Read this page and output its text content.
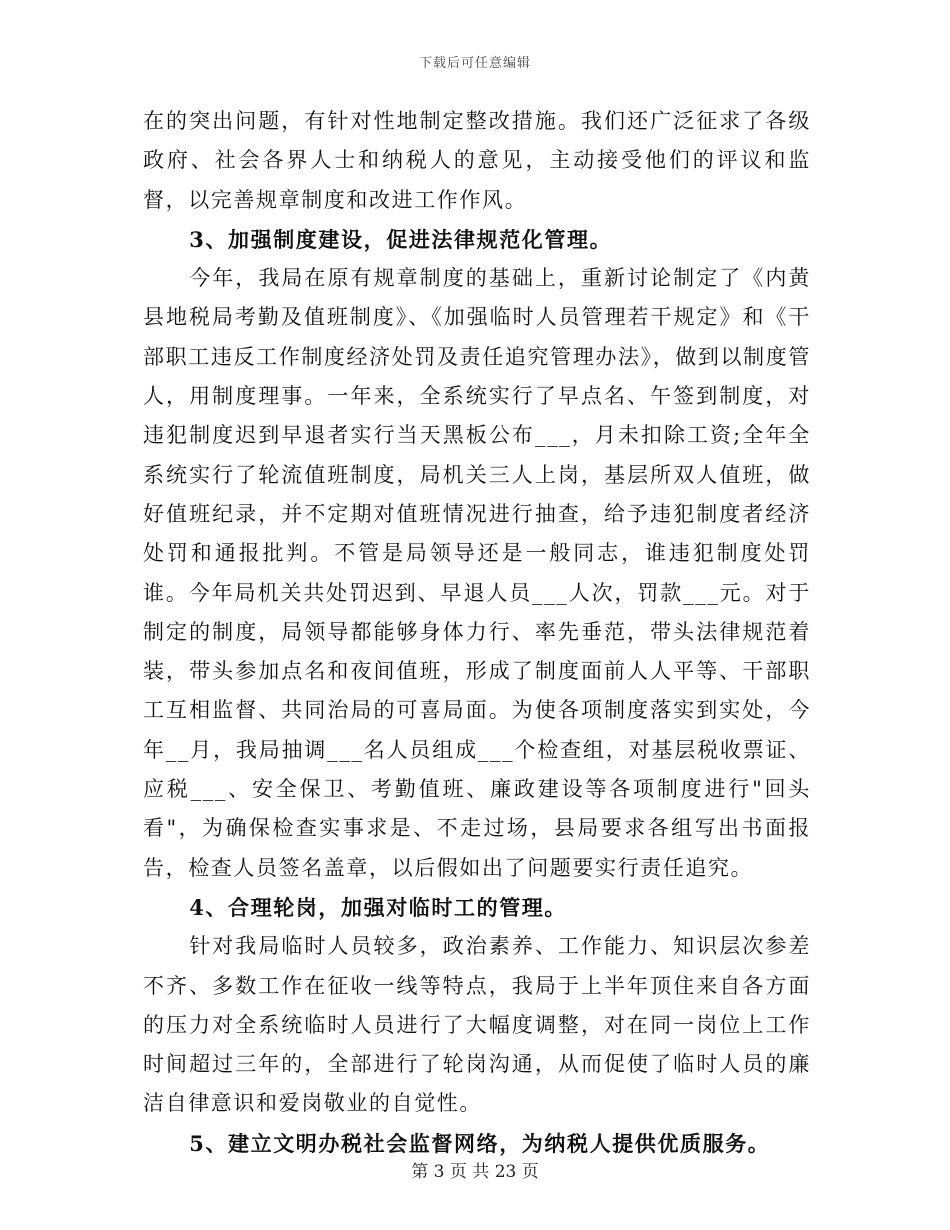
下载后可任意编辑

在的突出问题，有针对性地制定整改措施。我们还广泛征求了各级政府、社会各界人士和纳税人的意见，主动接受他们的评议和监督，以完善规章制度和改进工作作风。

3、加强制度建设，促进法律规范化管理。

今年，我局在原有规章制度的基础上，重新讨论制定了《内黄县地税局考勤及值班制度》、《加强临时人员管理若干规定》和《干部职工违反工作制度经济处罚及责任追究管理办法》，做到以制度管人，用制度理事。一年来，全系统实行了早点名、午签到制度，对违犯制度迟到早退者实行当天黑板公布___，月未扣除工资;全年全系统实行了轮流值班制度，局机关三人上岗，基层所双人值班，做好值班纪录，并不定期对值班情况进行抽查，给予违犯制度者经济处罚和通报批判。不管是局领导还是一般同志，谁违犯制度处罚谁。今年局机关共处罚迟到、早退人员___人次，罚款___元。对于制定的制度，局领导都能够身体力行、率先垂范，带头法律规范着装，带头参加点名和夜间值班，形成了制度面前人人平等、干部职工互相监督、共同治局的可喜局面。为使各项制度落实到实处，今年__月，我局抽调___名人员组成___个检查组，对基层税收票证、应税___、安全保卫、考勤值班、廉政建设等各项制度进行"回头看"，为确保检查实事求是、不走过场，县局要求各组写出书面报告，检查人员签名盖章，以后假如出了问题要实行责任追究。

4、合理轮岗，加强对临时工的管理。

针对我局临时人员较多，政治素养、工作能力、知识层次参差不齐、多数工作在征收一线等特点，我局于上半年顶住来自各方面的压力对全系统临时人员进行了大幅度调整，对在同一岗位上工作时间超过三年的，全部进行了轮岗沟通，从而促使了临时人员的廉洁自律意识和爱岗敬业的自觉性。

5、建立文明办税社会监督网络，为纳税人提供优质服务。

第 3 页 共 23 页
